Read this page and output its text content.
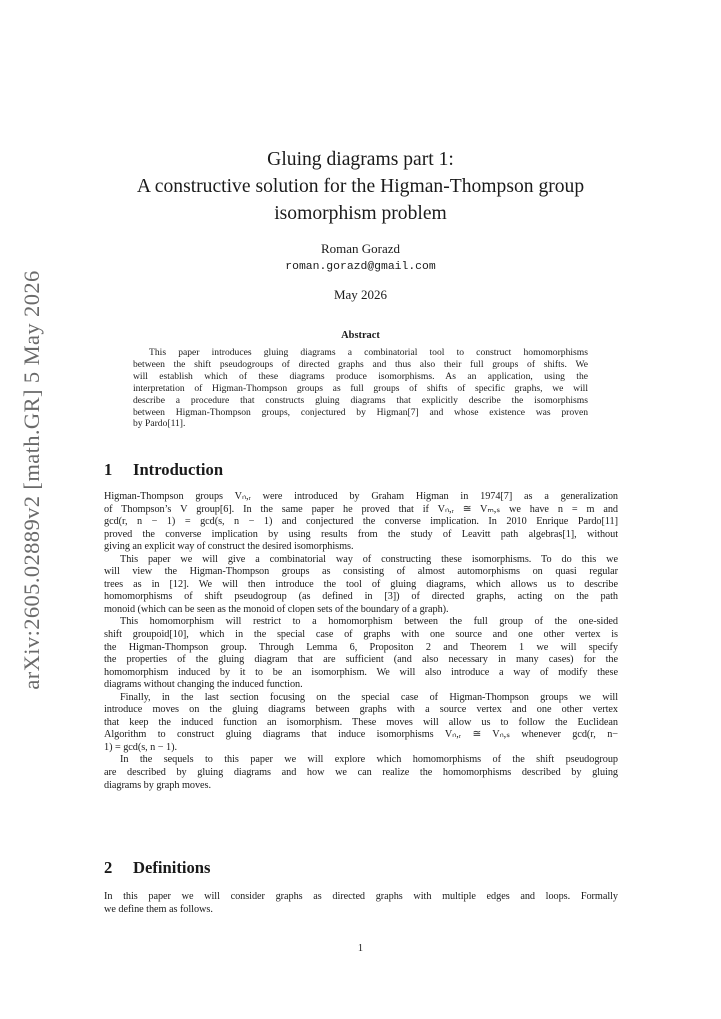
arXiv:2605.02889v2 [math.GR] 5 May 2026
Gluing diagrams part 1:
A constructive solution for the Higman-Thompson group
isomorphism problem
Roman Gorazd
roman.gorazd@gmail.com
May 2026
Abstract
This paper introduces gluing diagrams a combinatorial tool to construct homomorphisms
between the shift pseudogroups of directed graphs and thus also their full groups of shifts. We
will establish which of these diagrams produce isomorphisms. As an application, using the
interpretation of Higman-Thompson groups as full groups of shifts of specific graphs, we will
describe a procedure that constructs gluing diagrams that explicitly describe the isomorphisms
between Higman-Thompson groups, conjectured by Higman[7] and whose existence was proven
by Pardo[11].
1 Introduction
Higman-Thompson groups Vₙ,ᵣ were introduced by Graham Higman in 1974[7] as a generalization
of Thompson’s V group[6]. In the same paper he proved that if Vₙ,ᵣ ≅ Vₘ,ₛ we have n = m and
gcd(r, n − 1) = gcd(s, n − 1) and conjectured the converse implication. In 2010 Enrique Pardo[11]
proved the converse implication by using results from the study of Leavitt path algebras[1], without
giving an explicit way of construct the desired isomorphisms.
This paper we will give a combinatorial way of constructing these isomorphisms. To do this we
will view the Higman-Thompson groups as consisting of almost automorphisms on quasi regular
trees as in [12]. We will then introduce the tool of gluing diagrams, which allows us to describe
homomorphisms of shift pseudogroup (as defined in [3]) of directed graphs, acting on the path
monoid (which can be seen as the monoid of clopen sets of the boundary of a graph).
This homomorphism will restrict to a homomorphism between the full group of the one-sided
shift groupoid[10], which in the special case of graphs with one source and one other vertex is
the Higman-Thompson group. Through Lemma 6, Propositon 2 and Theorem 1 we will specify
the properties of the gluing diagram that are sufficient (and also necessary in many cases) for the
homomorphism induced by it to be an isomorphism. We will also introduce a way of modify these
diagrams without changing the induced function.
Finally, in the last section focusing on the special case of Higman-Thompson groups we will
introduce moves on the gluing diagrams between graphs with a source vertex and one other vertex
that keep the induced function an isomorphism. These moves will allow us to follow the Euclidean
Algorithm to construct gluing diagrams that induce isomorphisms Vₙ,ᵣ ≅ Vₙ,ₛ whenever gcd(r, n−
1) = gcd(s, n − 1).
In the sequels to this paper we will explore which homomorphisms of the shift pseudogroup
are described by gluing diagrams and how we can realize the homomorphisms described by gluing
diagrams by graph moves.
2 Definitions
In this paper we will consider graphs as directed graphs with multiple edges and loops. Formally
we define them as follows.
1
